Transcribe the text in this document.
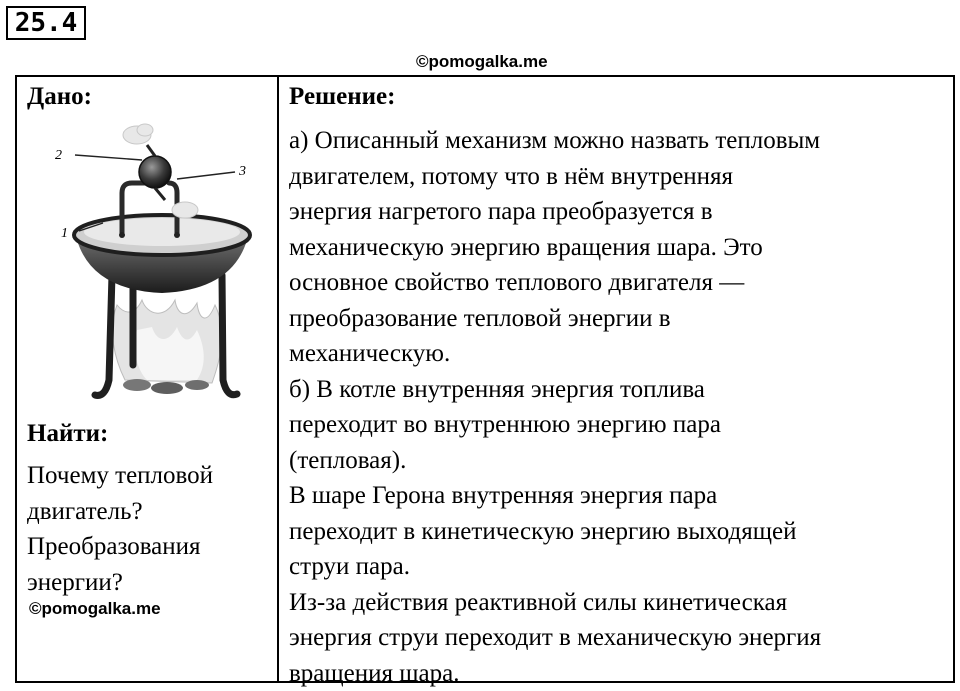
25.4
©pomogalka.me
Дано:
1
2
3
Найти:
Почему тепловой
двигатель?
Преобразования
энергии?
©pomogalka.me
Решение:

а) Описанный механизм можно назвать тепловым

двигателем, потому что в нём внутренняя

энергия нагретого пара преобразуется в

механическую энергию вращения шара. Это

основное свойство теплового двигателя —

преобразование тепловой энергии в

механическую.

б) В котле внутренняя энергия топлива

переходит во внутреннюю энергию пара

(тепловая).

В шаре Герона внутренняя энергия пара

переходит в кинетическую энергию выходящей

струи пара.

Из-за действия реактивной силы кинетическая

энергия струи переходит в механическую энергия

вращения шара.
